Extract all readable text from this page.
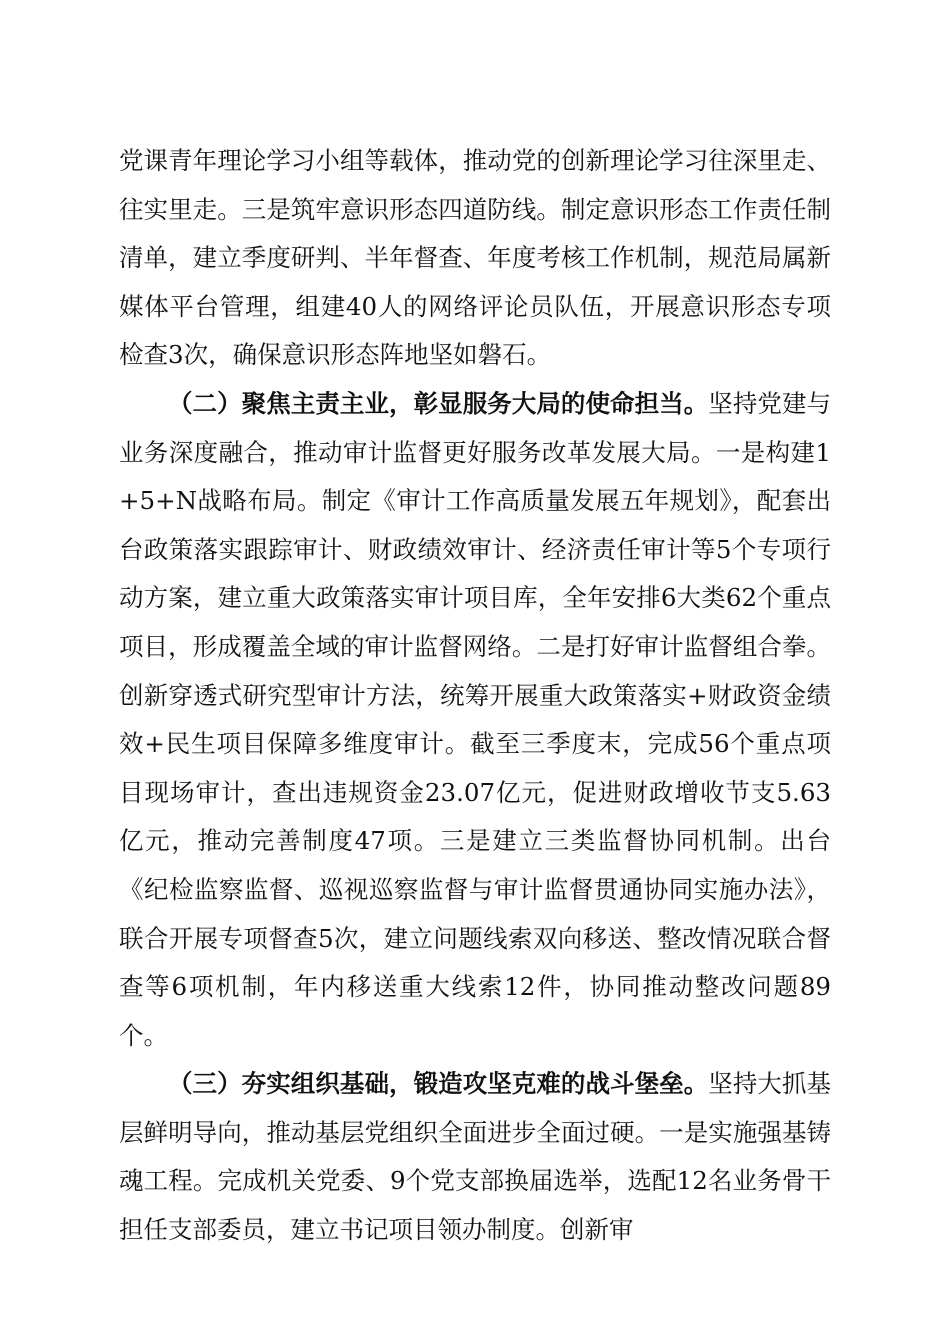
党课青年理论学习小组等载体，推动党的创新理论学习往深里走、往实里走。三是筑牢意识形态四道防线。制定意识形态工作责任制清单，建立季度研判、半年督查、年度考核工作机制，规范局属新媒体平台管理，组建40人的网络评论员队伍，开展意识形态专项检查3次，确保意识形态阵地坚如磐石。

（二）聚焦主责主业，彰显服务大局的使命担当。坚持党建与业务深度融合，推动审计监督更好服务改革发展大局。一是构建1+5+N战略布局。制定《审计工作高质量发展五年规划》，配套出台政策落实跟踪审计、财政绩效审计、经济责任审计等5个专项行动方案，建立重大政策落实审计项目库，全年安排6大类62个重点项目，形成覆盖全域的审计监督网络。二是打好审计监督组合拳。创新穿透式研究型审计方法，统筹开展重大政策落实+财政资金绩效+民生项目保障多维度审计。截至三季度末，完成56个重点项目现场审计，查出违规资金23.07亿元，促进财政增收节支5.63亿元，推动完善制度47项。三是建立三类监督协同机制。出台《纪检监察监督、巡视巡察监督与审计监督贯通协同实施办法》，联合开展专项督查5次，建立问题线索双向移送、整改情况联合督查等6项机制，年内移送重大线索12件，协同推动整改问题89个。

（三）夯实组织基础，锻造攻坚克难的战斗堡垒。坚持大抓基层鲜明导向，推动基层党组织全面进步全面过硬。一是实施强基铸魂工程。完成机关党委、9个党支部换届选举，选配12名业务骨干担任支部委员，建立书记项目领办制度。创新审
